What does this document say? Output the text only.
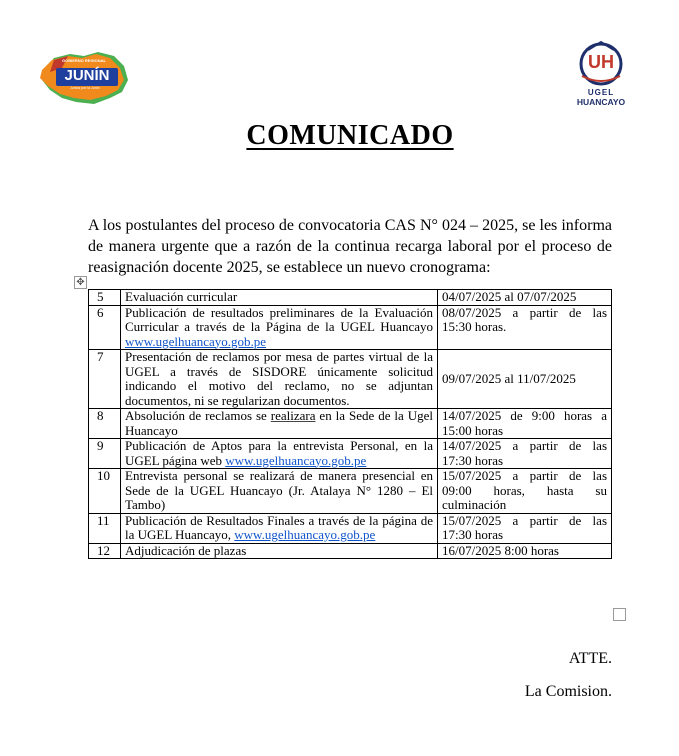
GOBIERNO REGIONAL
JUNÍN
Juntos por la Junín
UH
UGEL
HUANCAYO
COMUNICADO

A los postulantes del proceso de convocatoria CAS N° 024 – 2025, se les informa de manera urgente que a razón de la continua recarga laboral por el proceso de reasignación docente 2025, se establece un nuevo cronograma:

✥
5	Evaluación curricular	04/07/2025 al 07/07/2025
6	Publicación de resultados preliminares de la Evaluación Curricular a través de la Página de la UGEL Huancayo www.ugelhuancayo.gob.pe	08/07/2025 a partir de las 15:30 horas.
7	Presentación de reclamos por mesa de partes virtual de la UGEL a través de SISDORE únicamente solicitud indicando el motivo del reclamo, no se adjuntan documentos, ni se regularizan documentos.	09/07/2025 al 11/07/2025
8	Absolución de reclamos se realizara en la Sede de la Ugel Huancayo	14/07/2025 de 9:00 horas a 15:00 horas
9	Publicación de Aptos para la entrevista Personal, en la UGEL página web www.ugelhuancayo.gob.pe	14/07/2025 a partir de las 17:30 horas
10	Entrevista personal se realizará de manera presencial en Sede de la UGEL Huancayo (Jr. Atalaya N° 1280 – El Tambo)	15/07/2025 a partir de las 09:00 horas, hasta su culminación
11	Publicación de Resultados Finales a través de la página de la UGEL Huancayo, www.ugelhuancayo.gob.pe	15/07/2025 a partir de las 17:30 horas
12	Adjudicación de plazas	16/07/2025 8:00 horas
ATTE.
La Comision.
